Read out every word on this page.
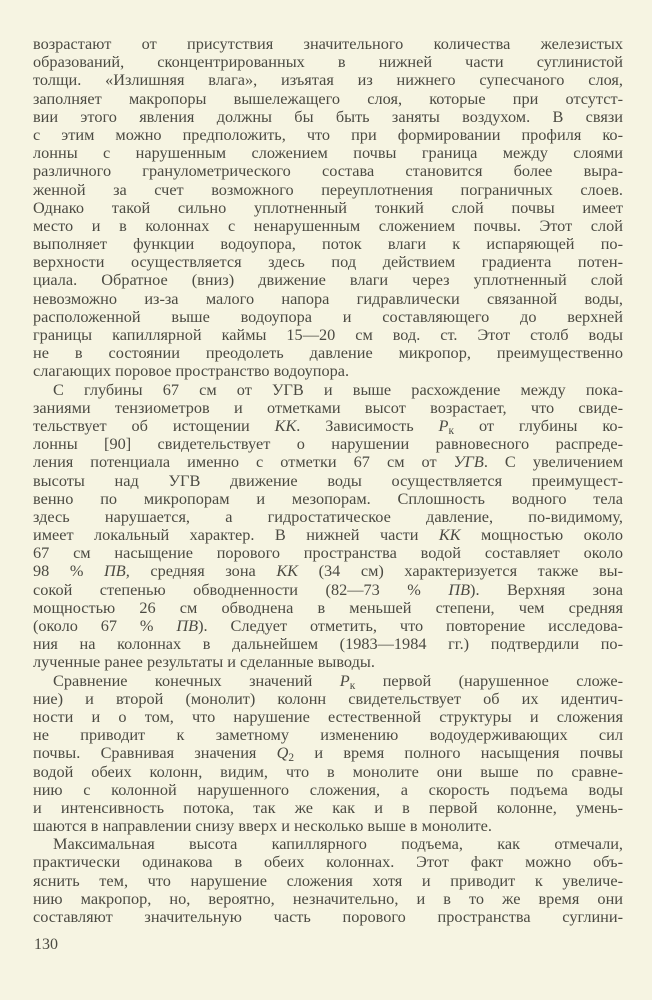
возрастают от присутствия значительного количества железистых
образований, сконцентрированных в нижней части суглинистой
толщи. «Излишняя влага», изъятая из нижнего супесчаного слоя,
заполняет макропоры вышележащего слоя, которые при отсутст-
вии этого явления должны бы быть заняты воздухом. В связи
с этим можно предположить, что при формировании профиля ко-
лонны с нарушенным сложением почвы граница между слоями
различного гранулометрического состава становится более выра-
женной за счет возможного переуплотнения пограничных слоев.
Однако такой сильно уплотненный тонкий слой почвы имеет
место и в колоннах с ненарушенным сложением почвы. Этот слой
выполняет функции водоупора, поток влаги к испаряющей по-
верхности осуществляется здесь под действием градиента потен-
циала. Обратное (вниз) движение влаги через уплотненный слой
невозможно из-за малого напора гидравлически связанной воды,
расположенной выше водоупора и составляющего до верхней
границы капиллярной каймы 15—20 см вод. ст. Этот столб воды
не в состоянии преодолеть давление микропор, преимущественно
слагающих поровое пространство водоупора.
С глубины 67 см от УГВ и выше расхождение между пока-
заниями тензиометров и отметками высот возрастает, что свиде-
тельствует об истощении КК. Зависимость $P_к$ от глубины ко-
лонны [90] свидетельствует о нарушении равновесного распреде-
ления потенциала именно с отметки 67 см от УГВ. С увеличением
высоты над УГВ движение воды осуществляется преимущест-
венно по микропорам и мезопорам. Сплошность водного тела
здесь нарушается, а гидростатическое давление, по-видимому,
имеет локальный характер. В нижней части КК мощностью около
67 см насыщение порового пространства водой составляет около
98 % ПВ, средняя зона КК (34 см) характеризуется также вы-
сокой степенью обводненности (82—73 % ПВ). Верхняя зона
мощностью 26 см обводнена в меньшей степени, чем средняя
(около 67 % ПВ). Следует отметить, что повторение исследова-
ния на колоннах в дальнейшем (1983—1984 гг.) подтвердили по-
лученные ранее результаты и сделанные выводы.
Сравнение конечных значений $P_к$ первой (нарушенное сложе-
ние) и второй (монолит) колонн свидетельствует об их идентич-
ности и о том, что нарушение естественной структуры и сложения
не приводит к заметному изменению водоудерживающих сил
почвы. Сравнивая значения $Q_2$ и время полного насыщения почвы
водой обеих колонн, видим, что в монолите они выше по сравне-
нию с колонной нарушенного сложения, а скорость подъема воды
и интенсивность потока, так же как и в первой колонне, умень-
шаются в направлении снизу вверх и несколько выше в монолите.
Максимальная высота капиллярного подъема, как отмечали,
практически одинакова в обеих колоннах. Этот факт можно объ-
яснить тем, что нарушение сложения хотя и приводит к увеличе-
нию макропор, но, вероятно, незначительно, и в то же время они
составляют значительную часть порового пространства суглини-
130
